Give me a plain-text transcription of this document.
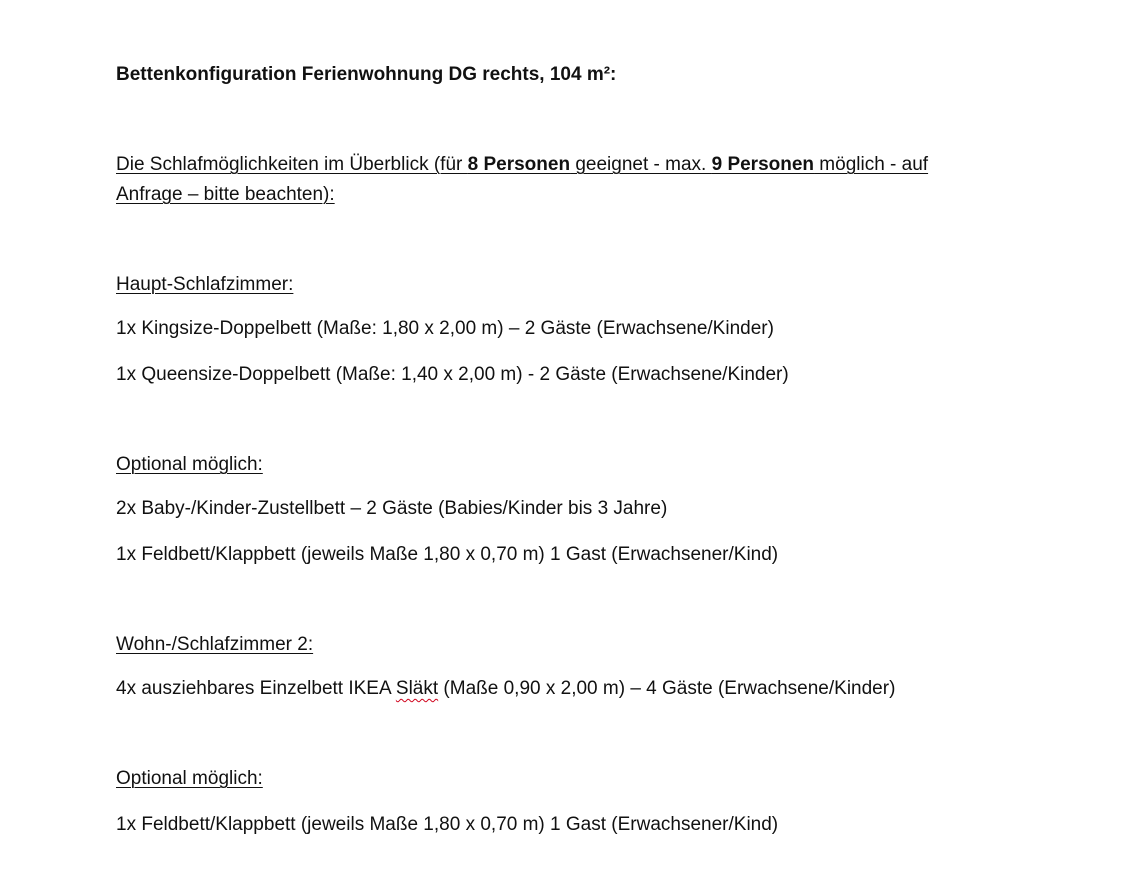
Bettenkonfiguration Ferienwohnung DG rechts, 104 m²:
Die Schlafmöglichkeiten im Überblick (für 8 Personen geeignet - max. 9 Personen möglich - auf
Anfrage – bitte beachten):
Haupt-Schlafzimmer:
1x Kingsize-Doppelbett (Maße: 1,80 x 2,00 m) – 2 Gäste (Erwachsene/Kinder)
1x Queensize-Doppelbett (Maße: 1,40 x 2,00 m) - 2 Gäste (Erwachsene/Kinder)
Optional möglich:
2x Baby-/Kinder-Zustellbett – 2 Gäste (Babies/Kinder bis 3 Jahre)
1x Feldbett/Klappbett (jeweils Maße 1,80 x 0,70 m) 1 Gast (Erwachsener/Kind)
Wohn-/Schlafzimmer 2:
4x ausziehbares Einzelbett IKEA Släkt (Maße 0,90 x 2,00 m) – 4 Gäste (Erwachsene/Kinder)
Optional möglich:
1x Feldbett/Klappbett (jeweils Maße 1,80 x 0,70 m) 1 Gast (Erwachsener/Kind)
